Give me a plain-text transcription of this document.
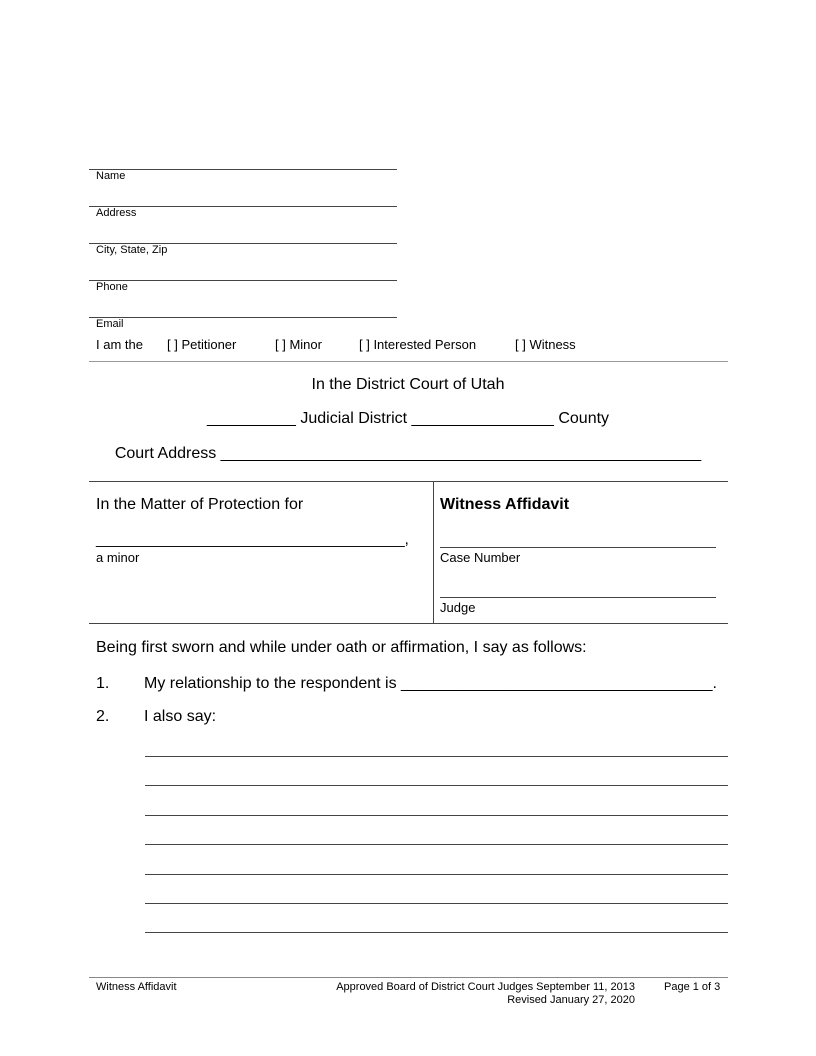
Name
Address
City, State, Zip
Phone
Email
I am the [ ] Petitioner	[ ] Minor	[ ] Interested Person	[ ] Witness
In the District Court of Utah
__________ Judicial District ________________ County
Court Address ______________________________________________________
In the Matter of Protection for
_____________________________________,
a minor
Witness Affidavit
Case Number
Judge
Being first sworn and while under oath or affirmation, I say as follows:
1. My relationship to the respondent is ___________________________________.
2. I also say:
Witness Affidavit	Approved Board of District Court Judges September 11, 2013
Revised January 27, 2020
Page 1 of 3
